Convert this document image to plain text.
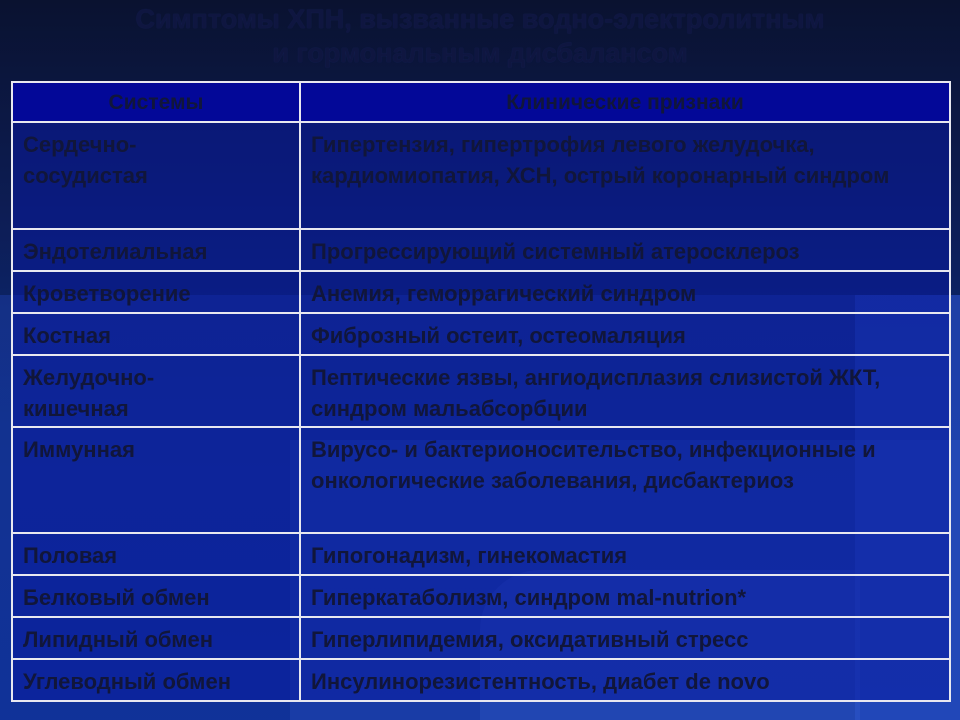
Симптомы ХПН, вызванные водно-электролитным
и гормональным дисбалансом
Системы	Клинические признаки
Сердечно-сосудистая	Гипертензия, гипертрофия левого желудочка, кардиомиопатия, ХСН, острый коронарный синдром
Эндотелиальная	Прогрессирующий системный атеросклероз
Кроветворение	Анемия, геморрагический синдром
Костная	Фиброзный остеит, остеомаляция
Желудочно-кишечная	Пептические язвы, ангиодисплазия слизистой ЖКТ, синдром мальабсорбции
Иммунная	Вирусо- и бактерионосительство, инфекционные и онкологические заболевания, дисбактериоз
Половая	Гипогонадизм, гинекомастия
Белковый обмен	Гиперкатаболизм, синдром mal-nutrion*
Липидный обмен	Гиперлипидемия, оксидативный стресс
Углеводный обмен	Инсулинорезистентность, диабет de novo
